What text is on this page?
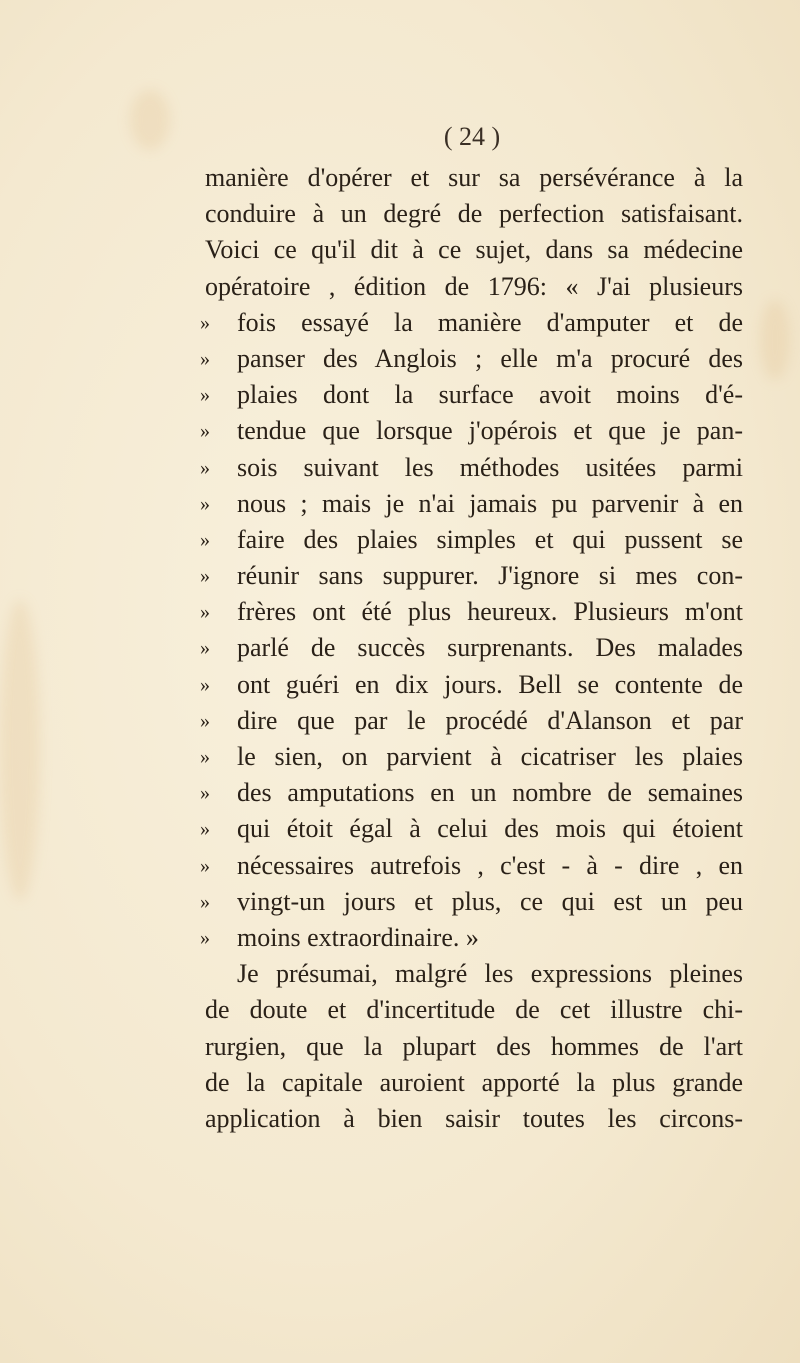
( 24 )
manière d'opérer et sur sa persévérance à la
conduire à un degré de perfection satisfaisant.
Voici ce qu'il dit à ce sujet, dans sa médecine
opératoire , édition de 1796: « J'ai plusieurs
» fois essayé la manière d'amputer et de
» panser des Anglois ; elle m'a procuré des
» plaies dont la surface avoit moins d'é-
» tendue que lorsque j'opérois et que je pan-
» sois suivant les méthodes usitées parmi
» nous ; mais je n'ai jamais pu parvenir à en
» faire des plaies simples et qui pussent se
» réunir sans suppurer. J'ignore si mes con-
» frères ont été plus heureux. Plusieurs m'ont
» parlé de succès surprenants. Des malades
» ont guéri en dix jours. Bell se contente de
» dire que par le procédé d'Alanson et par
» le sien, on parvient à cicatriser les plaies
» des amputations en un nombre de semaines
» qui étoit égal à celui des mois qui étoient
» nécessaires autrefois , c'est - à - dire , en
» vingt-un jours et plus, ce qui est un peu
» moins extraordinaire. »
Je présumai, malgré les expressions pleines
de doute et d'incertitude de cet illustre chi-
rurgien, que la plupart des hommes de l'art
de la capitale auroient apporté la plus grande
application à bien saisir toutes les circons-
